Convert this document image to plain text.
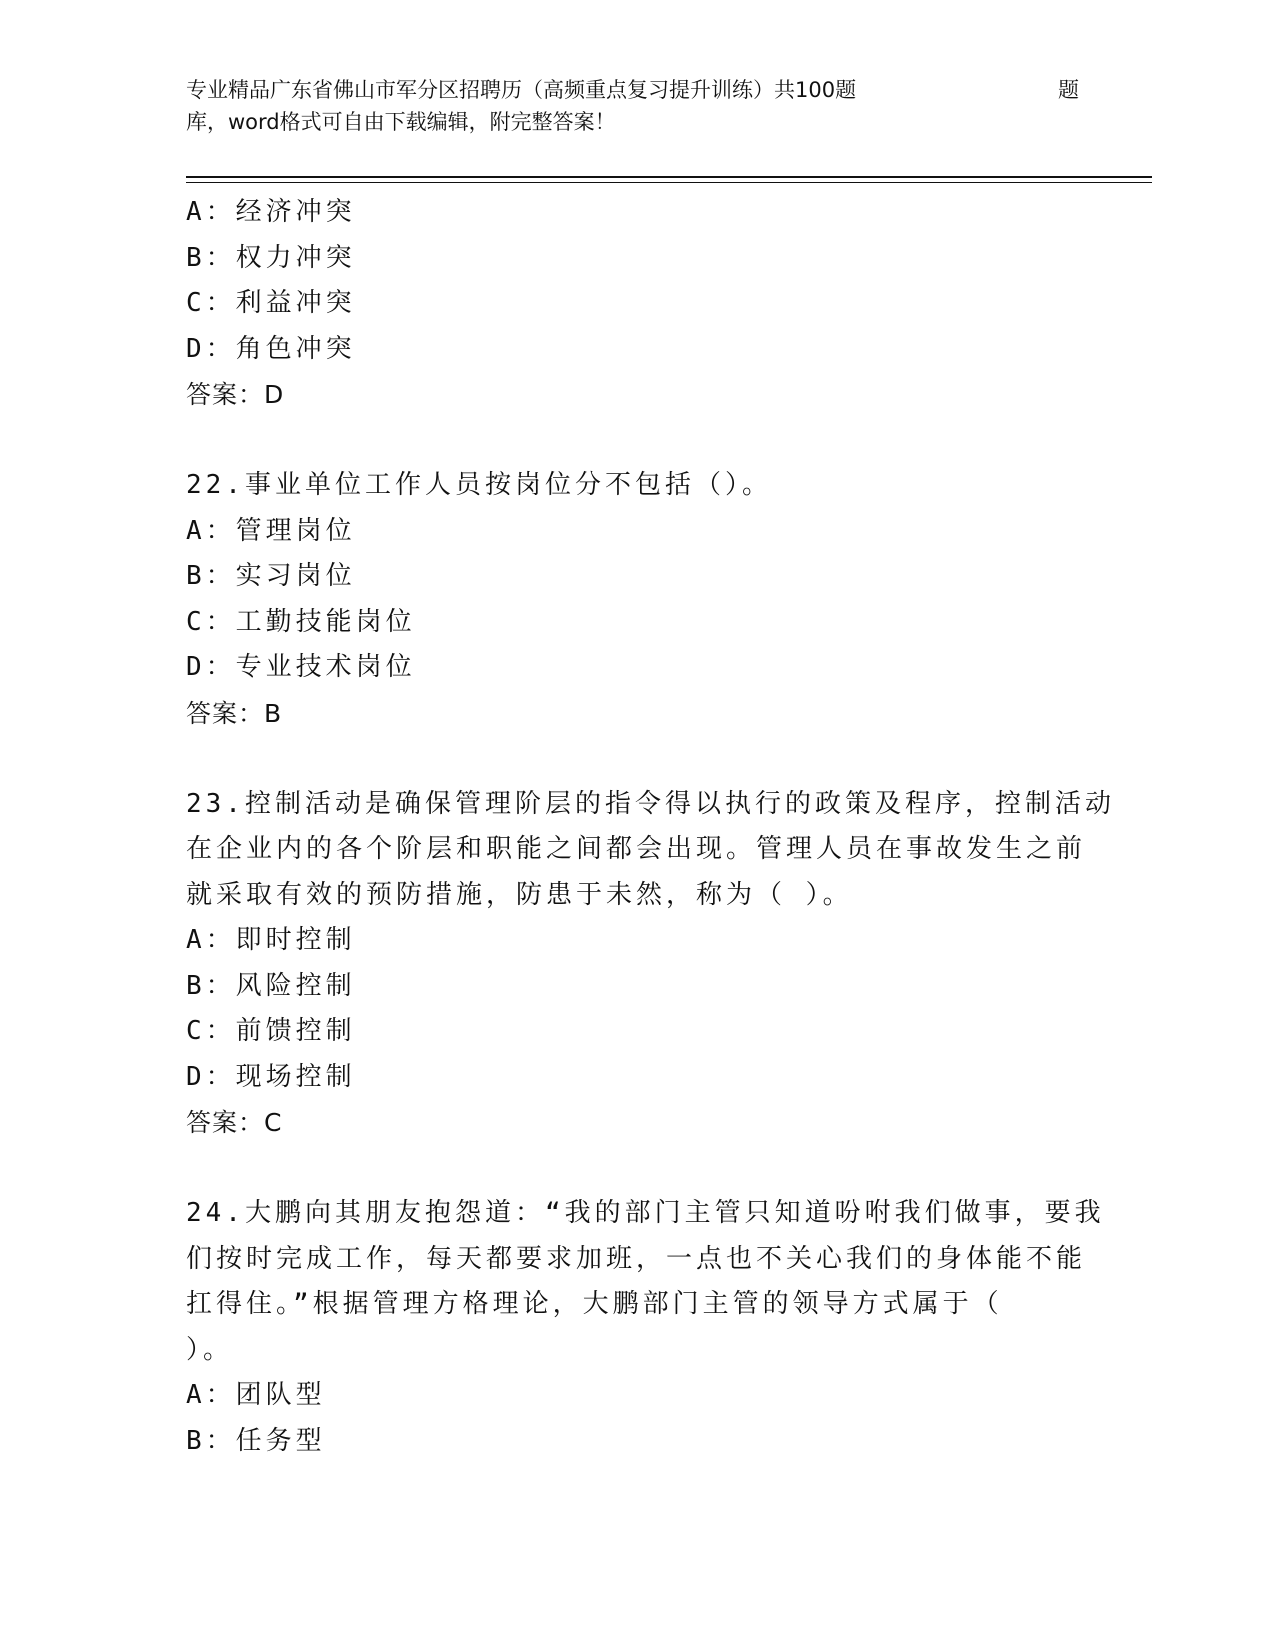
专业精品广东省佛山市军分区招聘历（高频重点复习提升训练）共100题	题
库，word格式可自由下载编辑，附完整答案！
A：经济冲突
B：权力冲突
C：利益冲突
D：角色冲突
答案：D
22.事业单位工作人员按岗位分不包括（）。
A：管理岗位
B：实习岗位
C：工勤技能岗位
D：专业技术岗位
答案：B
23.控制活动是确保管理阶层的指令得以执行的政策及程序，控制活动
在企业内的各个阶层和职能之间都会出现。管理人员在事故发生之前
就采取有效的预防措施，防患于未然，称为（ ）。
A：即时控制
B：风险控制
C：前馈控制
D：现场控制
答案：C
24.大鹏向其朋友抱怨道：“我的部门主管只知道吩咐我们做事，要我
们按时完成工作，每天都要求加班，一点也不关心我们的身体能不能
扛得住。”根据管理方格理论，大鹏部门主管的领导方式属于（
）。
A：团队型
B：任务型
